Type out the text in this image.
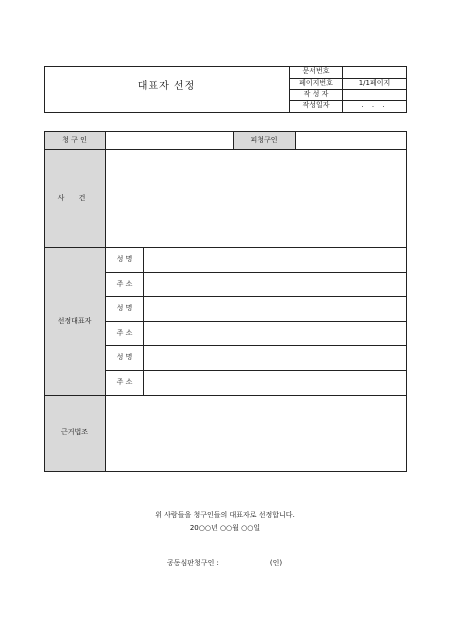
대표자 선정
문서번호
페이지번호	1/1페이지
작 성 자
작성일자	. . .
청 구 인	피청구인
사 건
선정대표자
성 명
주 소
성 명
주 소
성 명
주 소
근거법조
위 사람들을 청구인들의 대표자로 선정합니다.
20○○년 ○○월 ○○일
공동심판청구인 :	(인)
